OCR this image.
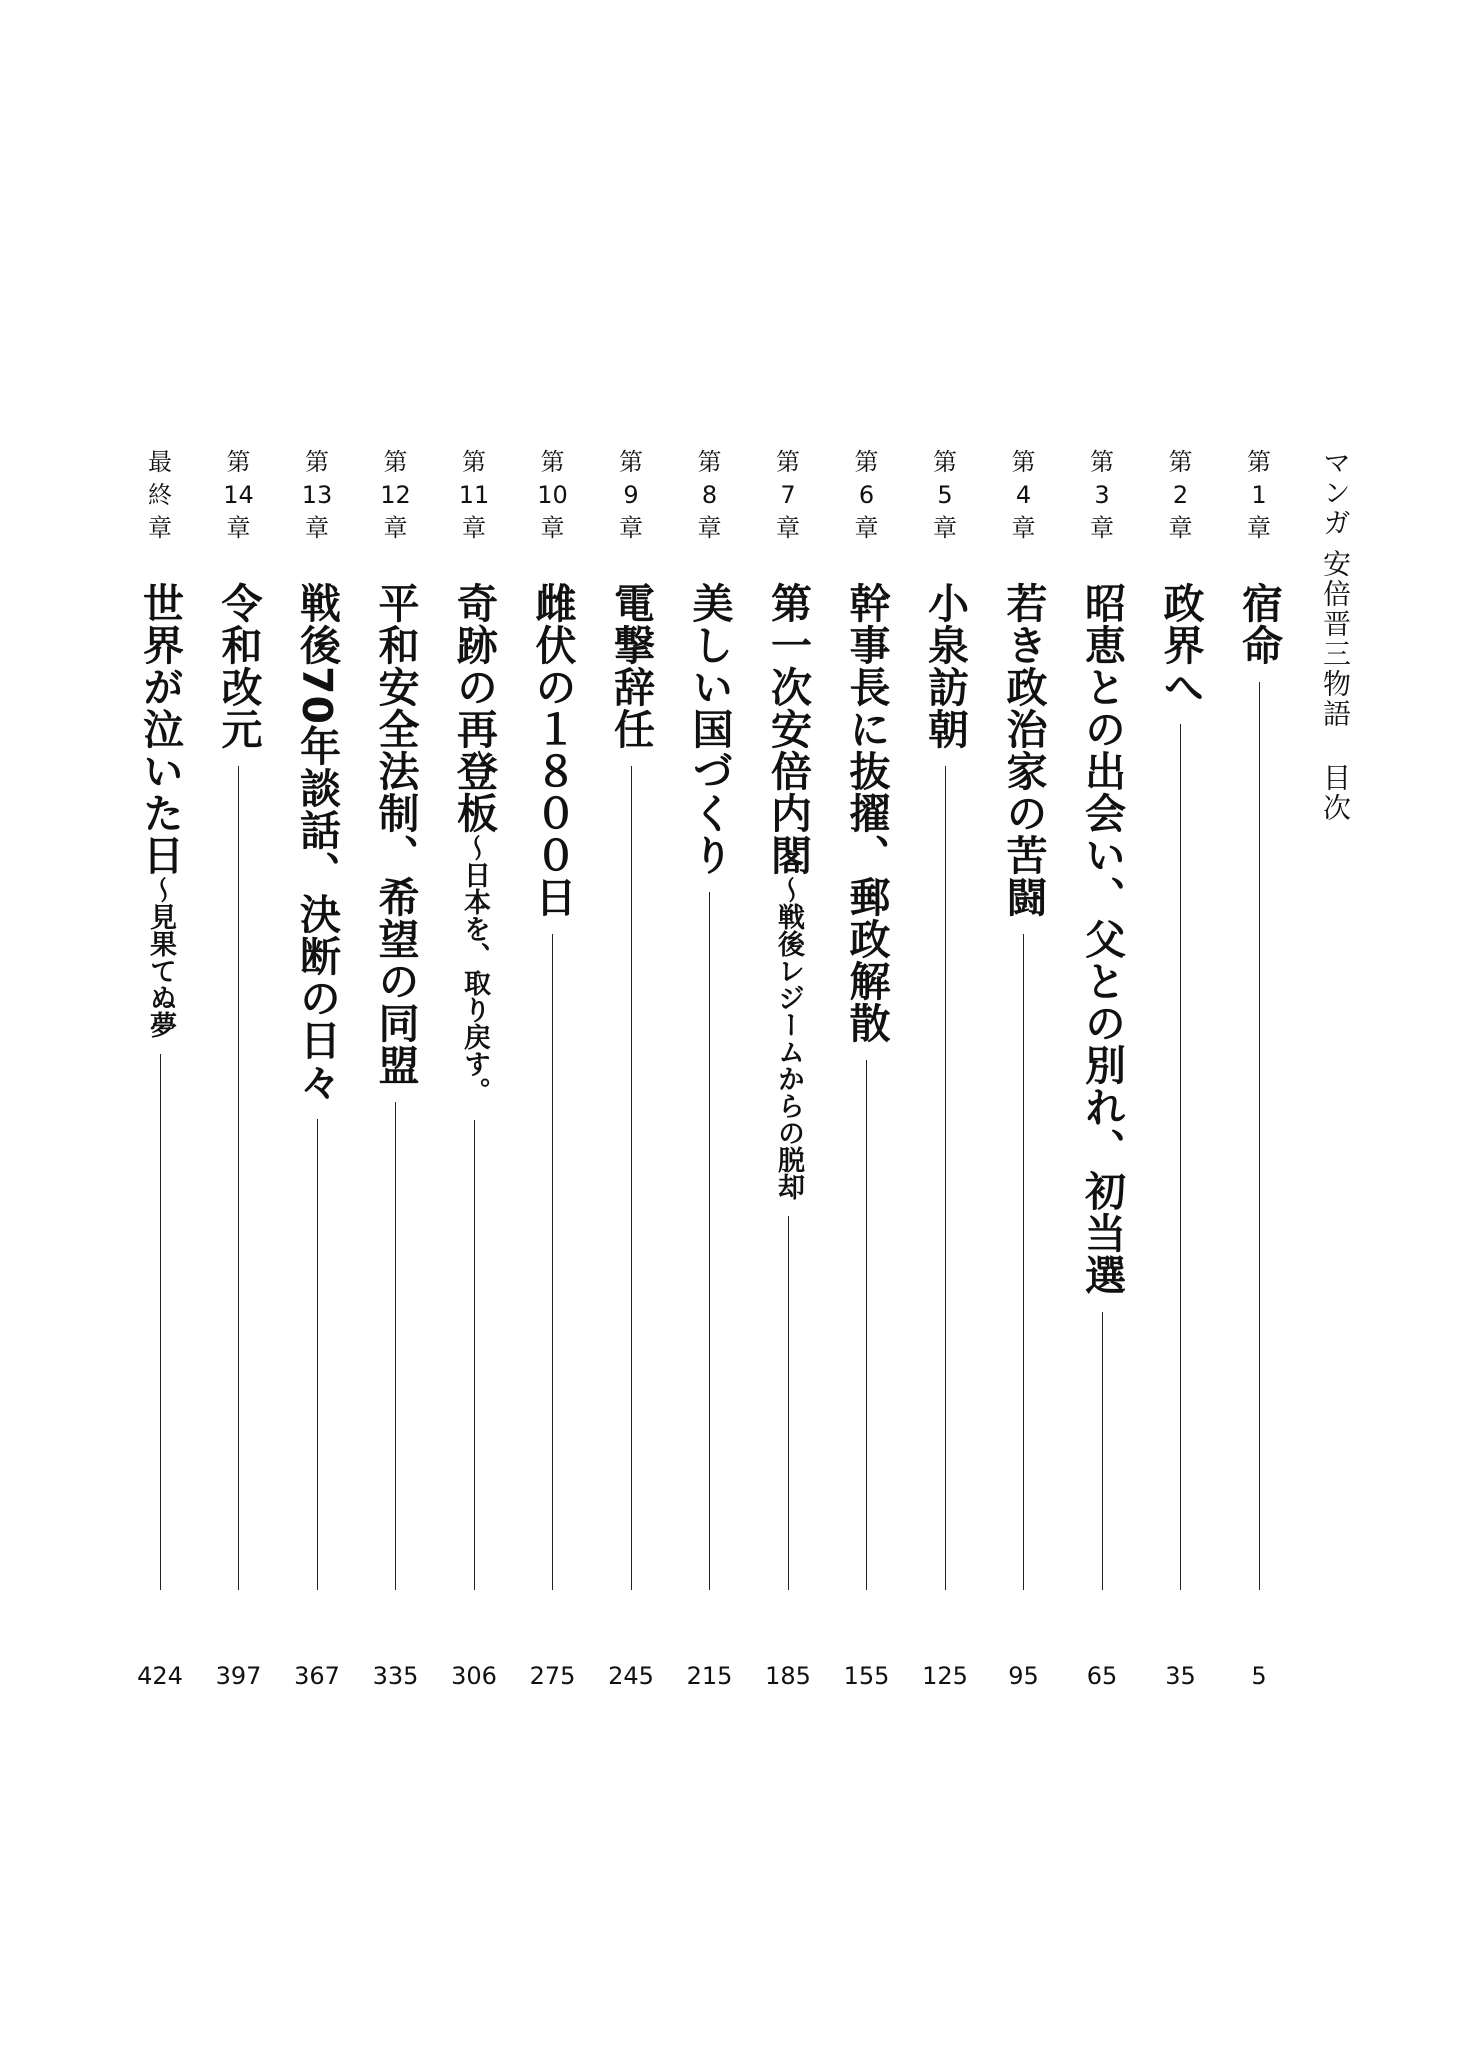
マンガ 安倍晋三物語目次
第
1
章
宿命
5
第
2
章
政界へ
35
第
3
章
昭恵との出会い、父との別れ、初当選
65
第
4
章
若き政治家の苦闘
95
第
5
章
小泉訪朝
125
第
6
章
幹事長に抜擢、郵政解散
155
第
7
章
第一次安倍内閣～戦後レジームからの脱却
185
第
8
章
美しい国づくり
215
第
9
章
電撃辞任
245
第
10
章
雌伏の１８００日
275
第
11
章
奇跡の再登板～日本を、取り戻す。
306
第
12
章
平和安全法制、希望の同盟
335
第
13
章
戦後70年談話、決断の日々
367
第
14
章
令和改元
397
最
終
章
世界が泣いた日～見果てぬ夢
424
